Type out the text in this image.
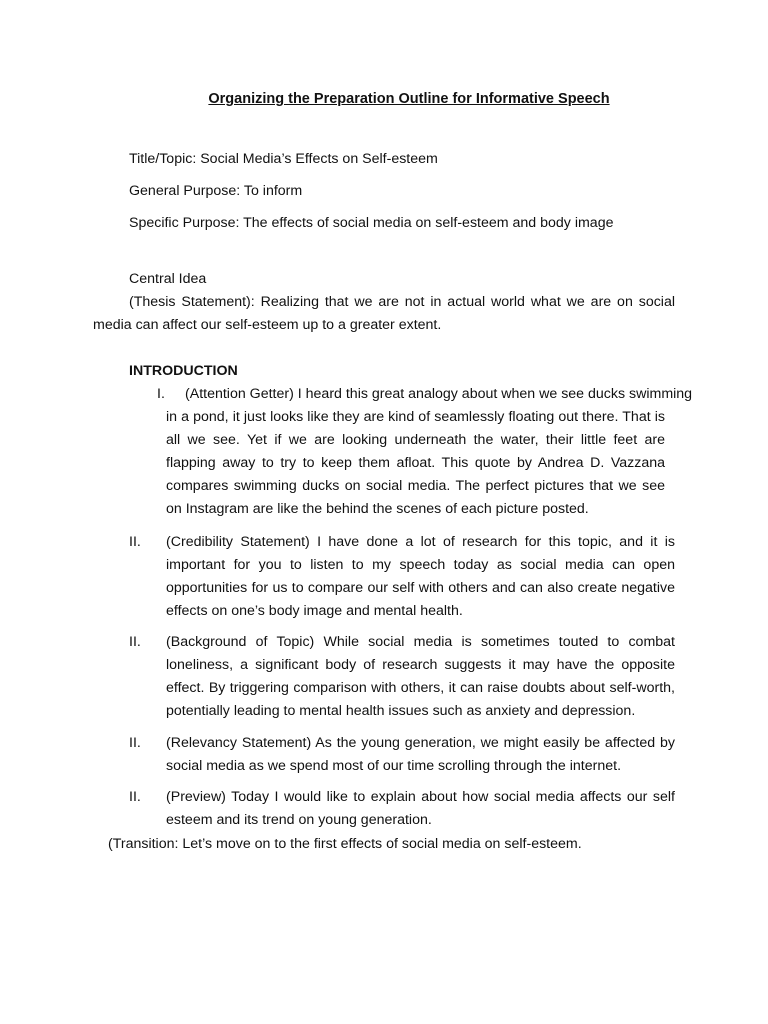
Organizing the Preparation Outline for Informative Speech
Title/Topic: Social Media’s Effects on Self-esteem
General Purpose: To inform
Specific Purpose: The effects of social media on self-esteem and body image
Central Idea
(Thesis Statement): Realizing that we are not in actual world what we are on social media can affect our self-esteem up to a greater extent.
INTRODUCTION
I. (Attention Getter) I heard this great analogy about when we see ducks swimming
in a pond, it just looks like they are kind of seamlessly floating out there. That is all we see. Yet if we are looking underneath the water, their little feet are flapping away to try to keep them afloat. This quote by Andrea D. Vazzana compares swimming ducks on social media. The perfect pictures that we see on Instagram are like the behind the scenes of each picture posted.
II. (Credibility Statement) I have done a lot of research for this topic, and it is important for you to listen to my speech today as social media can open opportunities for us to compare our self with others and can also create negative effects on one’s body image and mental health.
II. (Background of Topic) While social media is sometimes touted to combat loneliness, a significant body of research suggests it may have the opposite effect. By triggering comparison with others, it can raise doubts about self-worth, potentially leading to mental health issues such as anxiety and depression.
II. (Relevancy Statement) As the young generation, we might easily be affected by social media as we spend most of our time scrolling through the internet.
II. (Preview) Today I would like to explain about how social media affects our self esteem and its trend on young generation.
(Transition: Let’s move on to the first effects of social media on self-esteem.
